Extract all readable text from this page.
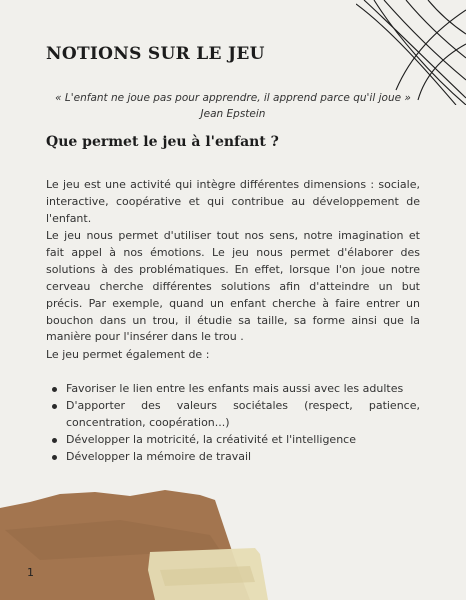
NOTIONS SUR LE JEU
« L'enfant ne joue pas pour apprendre, il apprend parce qu'il joue »
Jean Epstein
Que permet le jeu à l'enfant ?

Le jeu est une activité qui intègre différentes dimensions : sociale, interactive, coopérative et qui contribue au développement de l'enfant.

Le jeu nous permet d'utiliser tout nos sens, notre imagination et fait appel à nos émotions. Le jeu nous permet d'élaborer des solutions à des problématiques. En effet, lorsque l'on joue notre cerveau cherche différentes solutions afin d'atteindre un but précis. Par exemple, quand un enfant cherche à faire entrer un bouchon dans un trou, il étudie sa taille, sa forme ainsi que la manière pour l'insérer dans le trou .

Le jeu permet également de :

Favoriser le lien entre les enfants mais aussi avec les adultes
D'apporter des valeurs sociétales (respect, patience, concentration, coopération...)
Développer la motricité, la créativité et l'intelligence
Développer la mémoire de travail
1
